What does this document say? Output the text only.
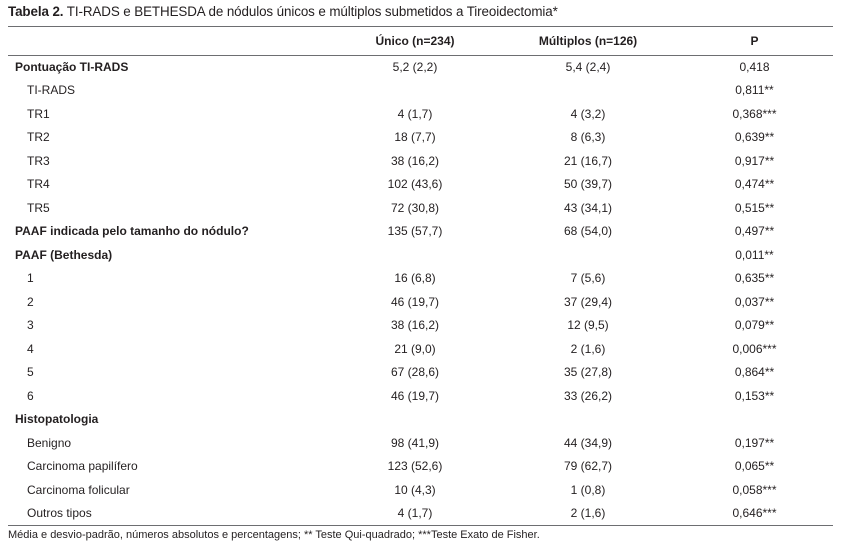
Tabela 2. TI-RADS e BETHESDA de nódulos únicos e múltiplos submetidos a Tireoidectomia*
	Único (n=234)	Múltiplos (n=126)	P
Pontuação TI-RADS	5,2 (2,2)	5,4 (2,4)	0,418
TI-RADS			0,811**
TR1	4 (1,7)	4 (3,2)	0,368***
TR2	18 (7,7)	8 (6,3)	0,639**
TR3	38 (16,2)	21 (16,7)	0,917**
TR4	102 (43,6)	50 (39,7)	0,474**
TR5	72 (30,8)	43 (34,1)	0,515**
PAAF indicada pelo tamanho do nódulo?	135 (57,7)	68 (54,0)	0,497**
PAAF (Bethesda)			0,011**
1	16 (6,8)	7 (5,6)	0,635**
2	46 (19,7)	37 (29,4)	0,037**
3	38 (16,2)	12 (9,5)	0,079**
4	21 (9,0)	2 (1,6)	0,006***
5	67 (28,6)	35 (27,8)	0,864**
6	46 (19,7)	33 (26,2)	0,153**
Histopatologia			
Benigno	98 (41,9)	44 (34,9)	0,197**
Carcinoma papilífero	123 (52,6)	79 (62,7)	0,065**
Carcinoma folicular	10 (4,3)	1 (0,8)	0,058***
Outros tipos	4 (1,7)	2 (1,6)	0,646***
Média e desvio-padrão, números absolutos e percentagens; ** Teste Qui-quadrado; ***Teste Exato de Fisher.
